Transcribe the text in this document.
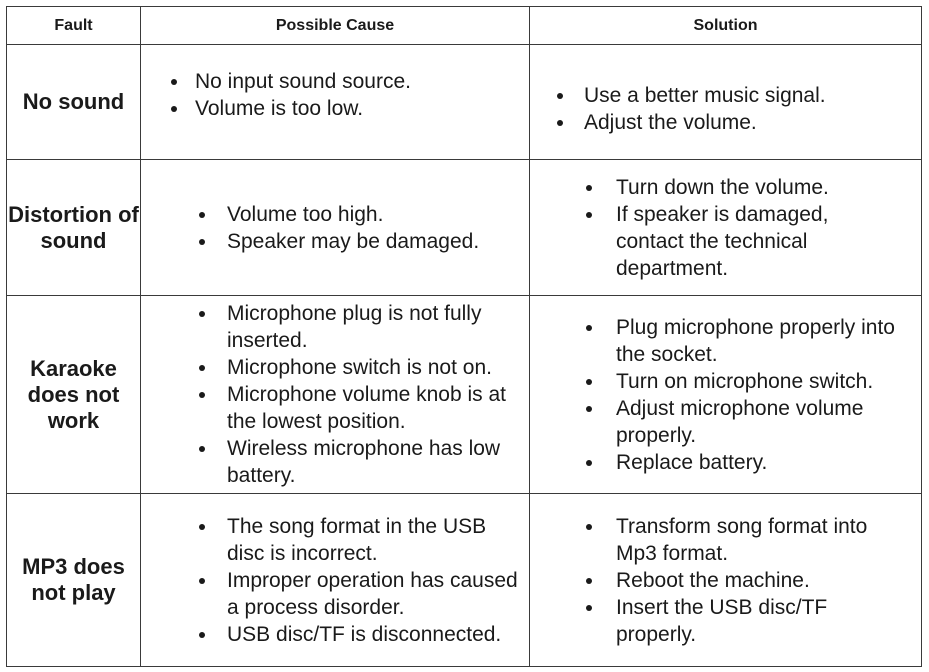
Fault	Possible Cause	Solution
No sound
No input sound source.
Volume is too low.
Use a better music signal.
Adjust the volume.
Distortion of sound
Volume too high.
Speaker may be damaged.
Turn down the volume.
If speaker is damaged, contact the technical department.
Karaoke does not work
Microphone plug is not fully inserted.
Microphone switch is not on.
Microphone volume knob is at the lowest position.
Wireless microphone has low battery.
Plug microphone properly into the socket.
Turn on microphone switch.
Adjust microphone volume properly.
Replace battery.
MP3 does not play
The song format in the USB disc is incorrect.
Improper operation has caused a process disorder.
USB disc/TF is disconnected.
Transform song format into Mp3 format.
Reboot the machine.
Insert the USB disc/TF properly.
